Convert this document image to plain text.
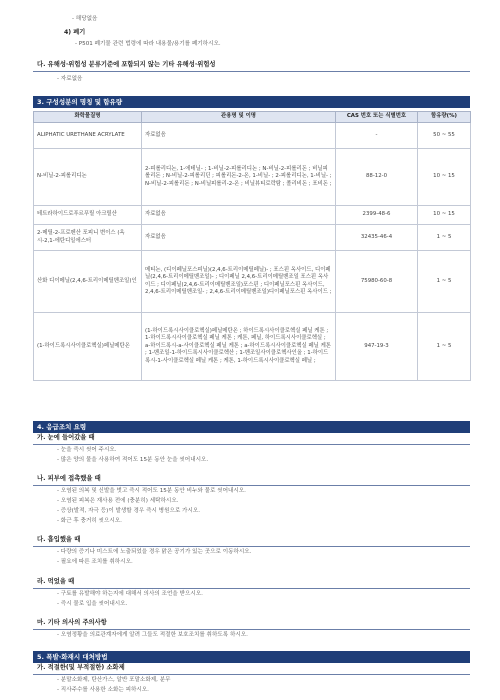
- 해당없음
4) 폐기
- P501 폐기물 관련 법령에 따라 내용물/용기를 폐기하시오.
다. 유해성·위험성 분류기준에 포함되지 않는 기타 유해성·위험성
- 자료없음
3. 구성성분의 명칭 및 함유량
화학물질명	관용명 및 이명	CAS 번호 또는 식별번호	함유량(%)
ALIPHATIC URETHANE ACRYLATE	자료없음	-	50 ~ 55
N-비닐-2-피롤리디논	2-피롤리디논, 1-에테닐- ; 1-비닐-2-피롤리디논 ; N-비닐-2-피롤리돈 ; 비닐피롤리돈 ; N-비닐-2-피롤리딘 ; 피롤리돈-2-온, 1-비닐- ; 2-피롤리디논, 1-비닐- ; N-비닐-2-피롤리돈 ; N-비닐피롤리-2-온 ; 비닐뷰티로락탐 ; 폴리비돈 ; 포비돈 ;	88-12-0	10 ~ 15
테트라하이드로푸르푸릴 아크릴산	자료없음	2399-48-6	10 ~ 15
2-메틸-2-프로펜산 포피니 변이스 (옥시-2,1-에탄디일에스터	자료없음	32435-46-4	1 ~ 5
산화 디이메닐(2,4,6-트리이메틸벤조일)인	메티논, (디이페닐포스피닐)(2,4,6-트리이메틸페닐)- ; 포스핀 옥사이드, 디이페닐(2,4,6-트리이메틸벤조일)- ; 디이페닐 2,4,6-트리이메틸벤조일 포스핀 옥사이드 ; 디이페닐(2,4,6-트리이메틸벤조일)포스핀 ; 디이페닐포스핀 옥사이드, 2,4,6-트리이메틸벤조일- ; 2,4,6-트리이메틸벤조일)디이페닐포스핀 옥사이드 ;	75980-60-8	1 ~ 5
(1-하이드록시사이클로헥실)페닐메탄온	(1-하이드록시사이클로헥실)페닐메탄온 ; 하이드록시사이클로헥실 페닐 케톤 ; 1-하이드록시사이클로헥실 페닐 케톤 ; 케톤, 페닐, 하이드록시사이클로헥실 ; a-하이드록시-a-사이클로헥실 페닐 케톤 ; a-하이드록시사이클로헥실 페닐 케톤 ; 1-벤조일-1-하이드록시사이클로헥산 ; 1-벤조일사이클로헥사인올 ; 1-하이드록시-1-사이클로헥실 페닐 케톤 ; 케톤, 1-하이드록시사이클로헥실 페닐 ;	947-19-3	1 ~ 5
4. 응급조치 요령
가. 눈에 들어갔을 때
- 눈을 즉시 씻어 주시오.
- 많은 양의 물을 사용하여 적어도 15분 동안 눈을 씻어내시오.
나. 피부에 접촉했을 때
- 오염된 의복 및 신발을 벗고 즉시 적어도 15분 동안 비누와 물로 씻어내시오.
- 오염된 피복은 재사용 전에 (충분히) 세탁하시오.
- 증상(발적, 자극 등)이 발생할 경우 즉시 병원으로 가시오.
- 화근 후 충거히 씻으시오.
다. 흡입했을 때
- 다량의 증기나 미스트에 노출되었을 경우 맑은 공기가 있는 곳으로 이동하시오.
- 필요에 따른 조치를 취하시오.
라. 먹었을 때
- 구토를 유발해야 하는지에 대해서 의사의 조언을 받으시오.
- 즉시 물로 입을 씻어내시오.
마. 기타 의사의 주의사항
- 오염정황을 의료관계자에게 알려 그들도 적절한 보호조치를 취하도록 하시오.
5. 폭발·화재시 대처방법
가. 적절한(및 부적절한) 소화제
- 분말소화제, 탄산가스, 알반 포말소화제, 분무
- 직사주수를 사용한 소화는 피하시오.
